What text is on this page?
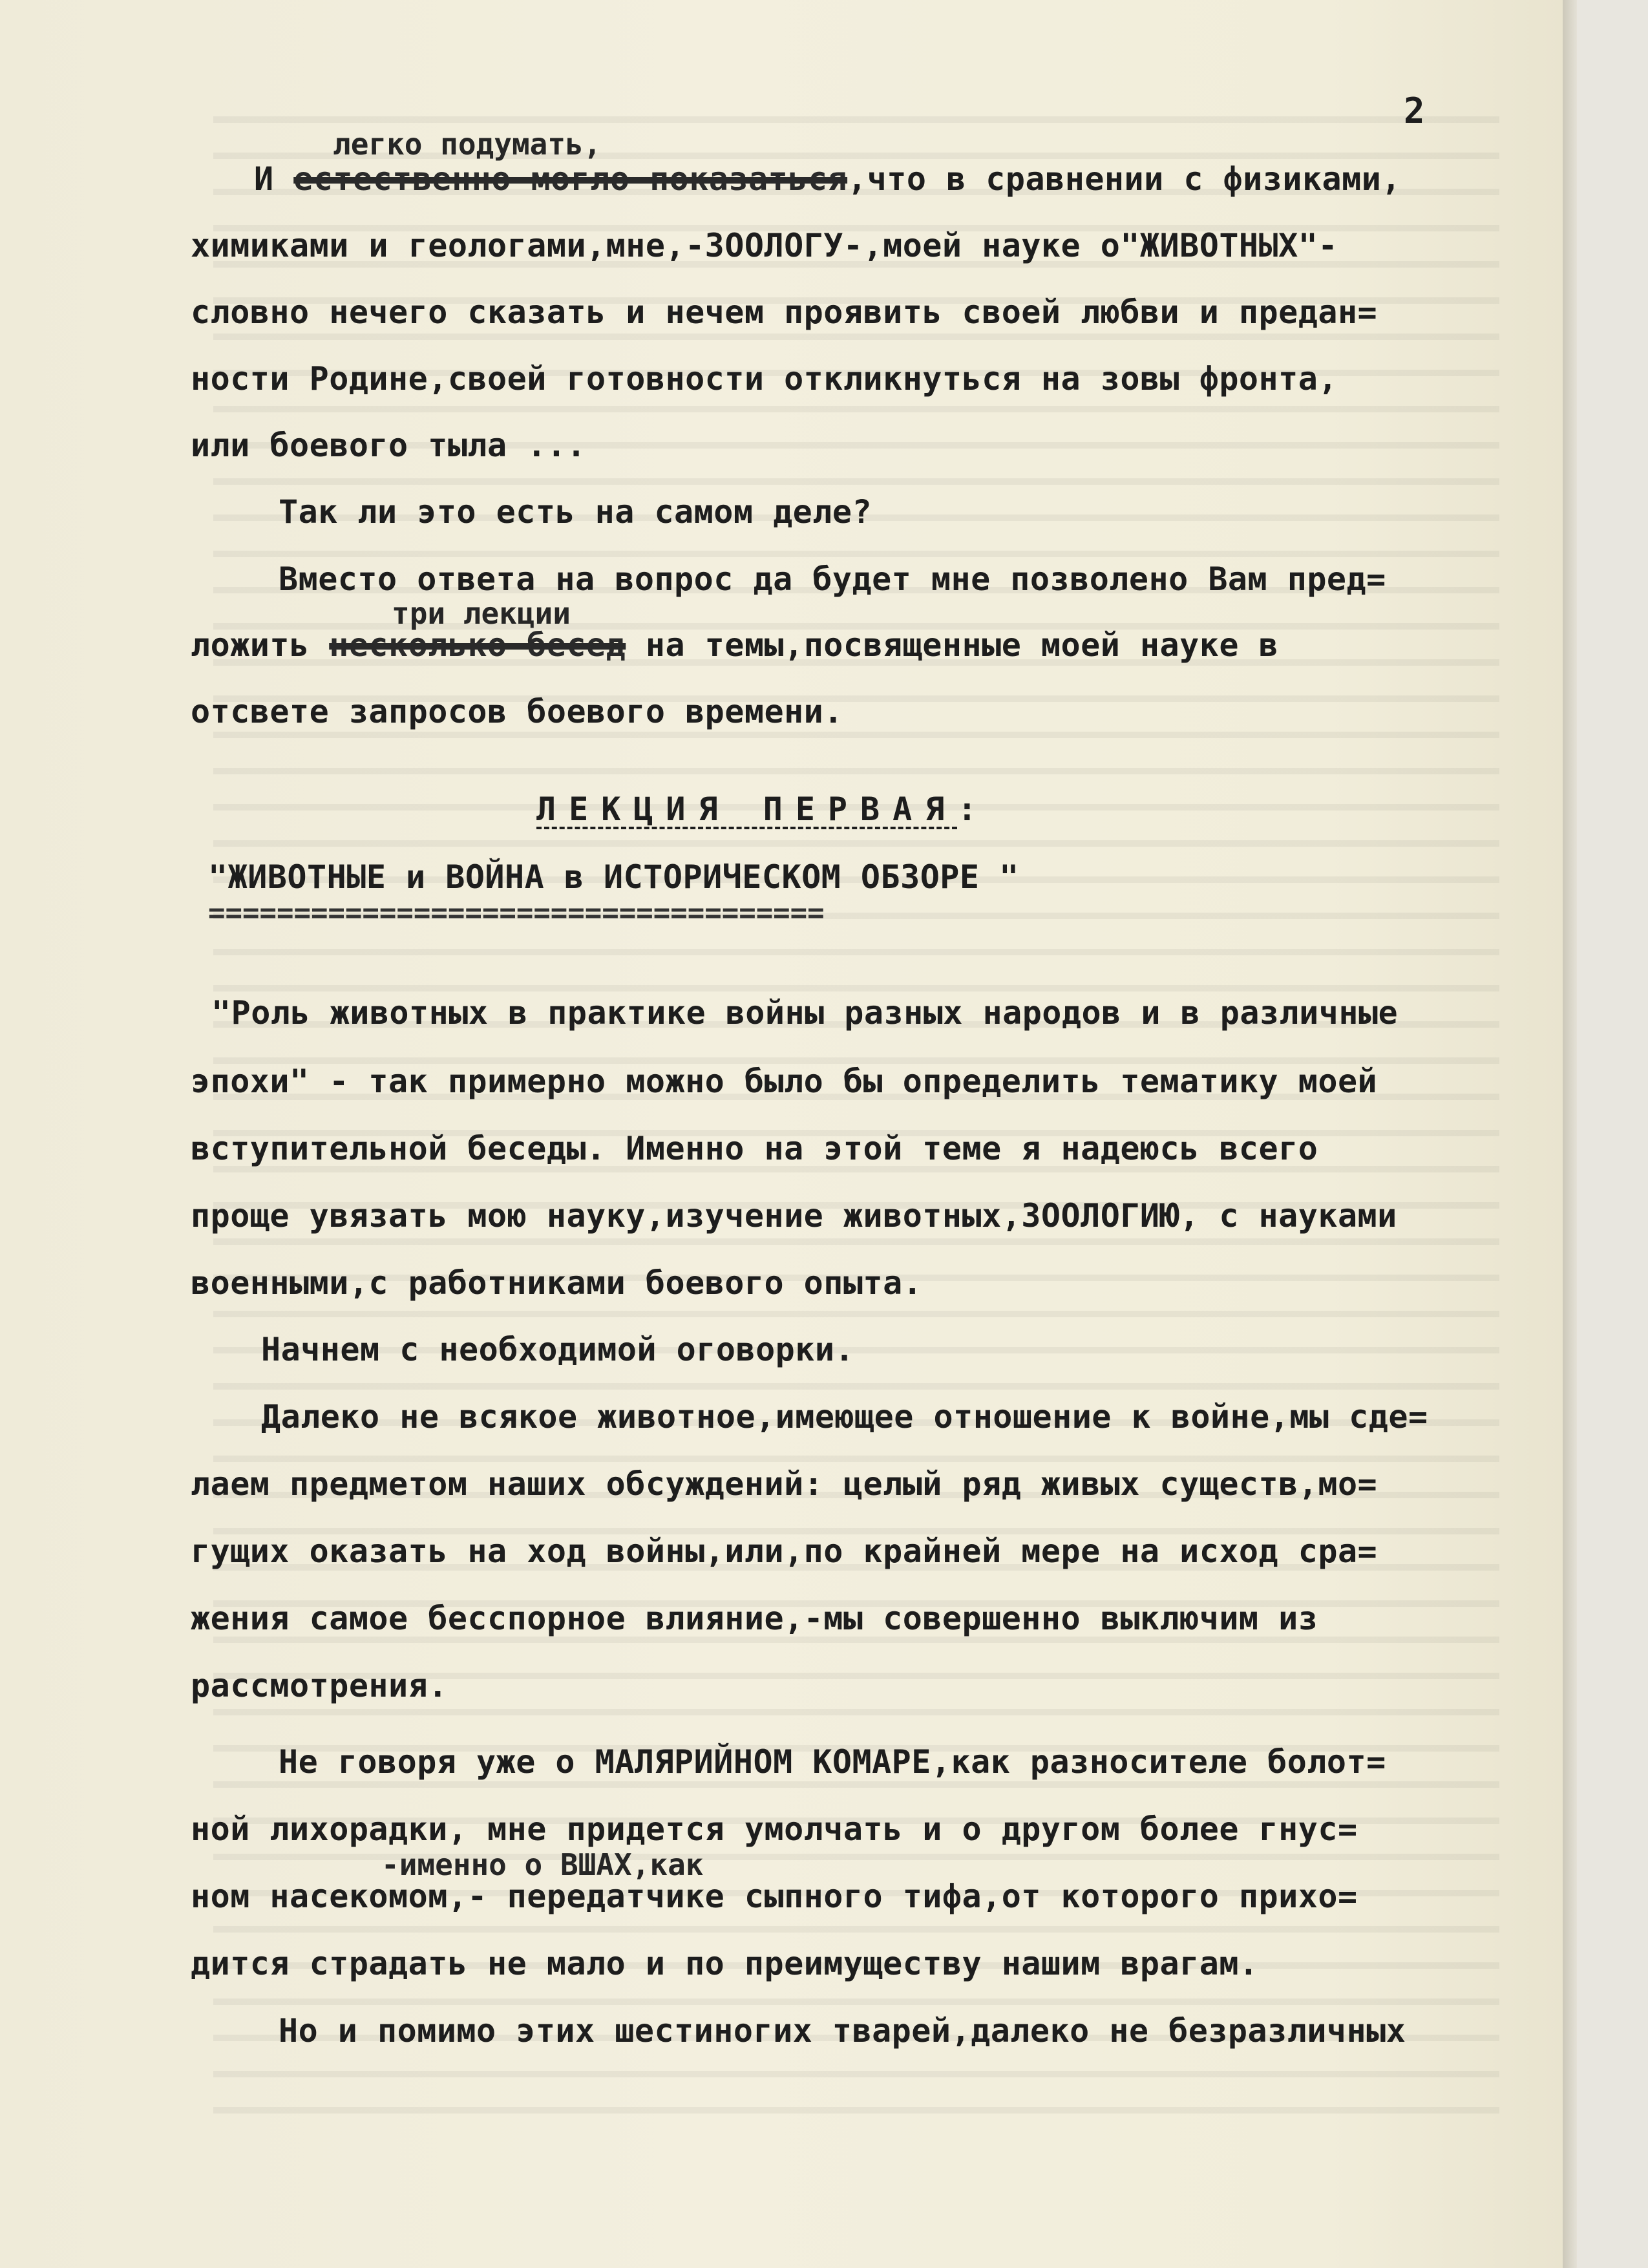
2
легко подумать,
И естественно могло показаться,что в сравнении с физиками,
химиками и геологами,мне,-ЗООЛОГУ-,моей науке о"ЖИВОТНЫХ"-
словно нечего сказать и нечем проявить своей любви и предан=
ности Родине,своей готовности откликнуться на зовы фронта,
или боевого тыла ...
Так ли это есть на самом деле?
Вместо ответа на вопрос да будет мне позволено Вам пред=
три лекции
ложить несколько бесед на темы,посвященные моей науке в
отсвете запросов боевого времени.
ЛЕКЦИЯ ПЕРВАЯ:
"ЖИВОТНЫЕ и ВОЙНА в ИСТОРИЧЕСКОМ ОБЗОРЕ "
====================================
"Роль животных в практике войны разных народов и в различные
эпохи" - так примерно можно было бы определить тематику моей
вступительной беседы. Именно на этой теме я надеюсь всего
проще увязать мою науку,изучение животных,ЗООЛОГИЮ, с науками
военными,с работниками боевого опыта.
Начнем с необходимой оговорки.
Далеко не всякое животное,имеющее отношение к войне,мы сде=
лаем предметом наших обсуждений: целый ряд живых существ,мо=
гущих оказать на ход войны,или,по крайней мере на исход сра=
жения самое бесспорное влияние,-мы совершенно выключим из
рассмотрения.
Не говоря уже о МАЛЯРИЙНОМ КОМАРЕ,как разносителе болот=
ной лихорадки, мне придется умолчать и о другом более гнус=
-именно о ВШАХ,как
ном насекомом,- передатчике сыпного тифа,от которого прихо=
дится страдать не мало и по преимуществу нашим врагам.
Но и помимо этих шестиногих тварей,далеко не безразличных
